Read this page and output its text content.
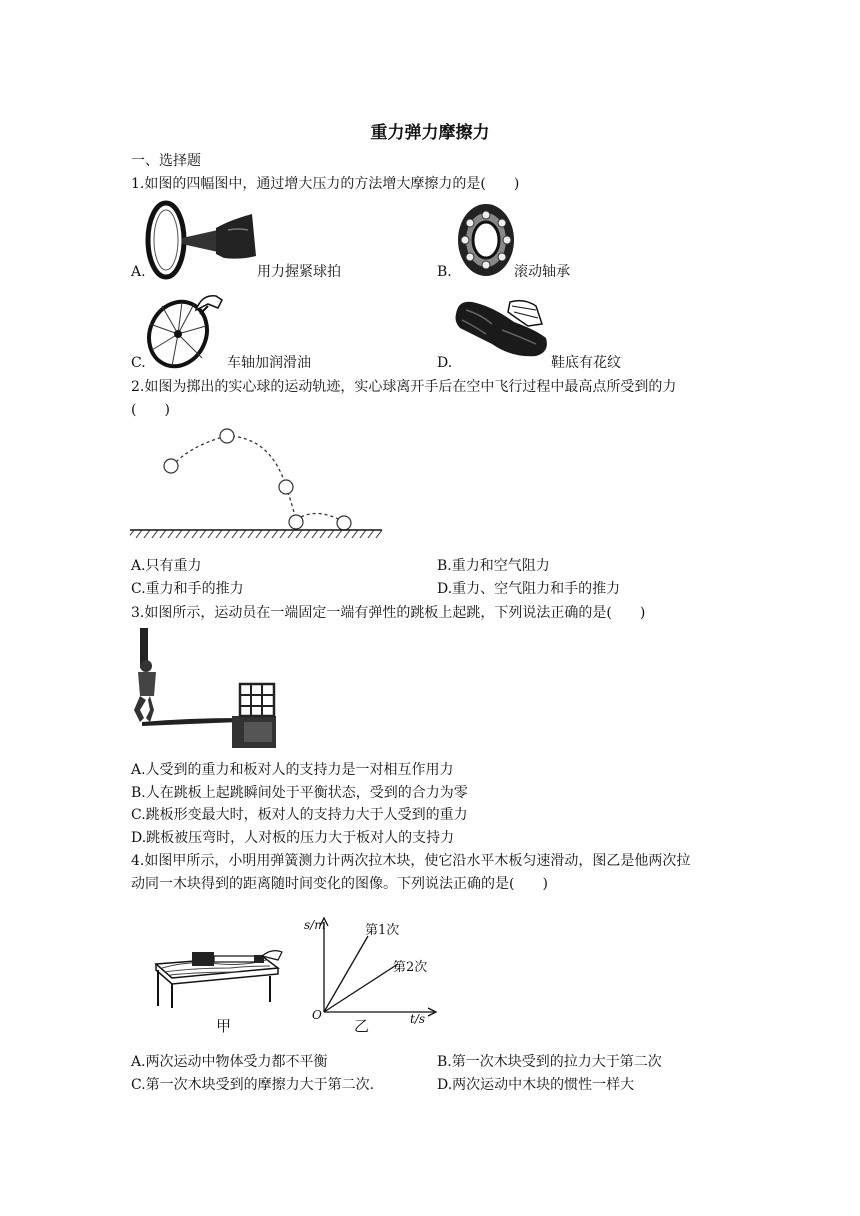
重力弹力摩擦力
一、选择题
1.如图的四幅图中，通过增大压力的方法增大摩擦力的是(　　)
A.	用力握紧球拍	B.	滚动轴承
C.	车轴加润滑油	D.	鞋底有花纹
2.如图为掷出的实心球的运动轨迹，实心球离开手后在空中飞行过程中最高点所受到的力
(　　)
A.只有重力	B.重力和空气阻力
C.重力和手的推力	D.重力、空气阻力和手的推力
3.如图所示，运动员在一端固定一端有弹性的跳板上起跳，下列说法正确的是(　　)
A.人受到的重力和板对人的支持力是一对相互作用力
B.人在跳板上起跳瞬间处于平衡状态，受到的合力为零
C.跳板形变最大时，板对人的支持力大于人受到的重力
D.跳板被压弯时，人对板的压力大于板对人的支持力
4.如图甲所示，小明用弹簧测力计两次拉木块，使它沿水平木板匀速滑动，图乙是他两次拉
动同一木块得到的距离随时间变化的图像。下列说法正确的是(　　)
甲
s/m
t/s
O
第1次
第2次
乙
A.两次运动中物体受力都不平衡	B.第一次木块受到的拉力大于第二次
C.第一次木块受到的摩擦力大于第二次.	D.两次运动中木块的惯性一样大
